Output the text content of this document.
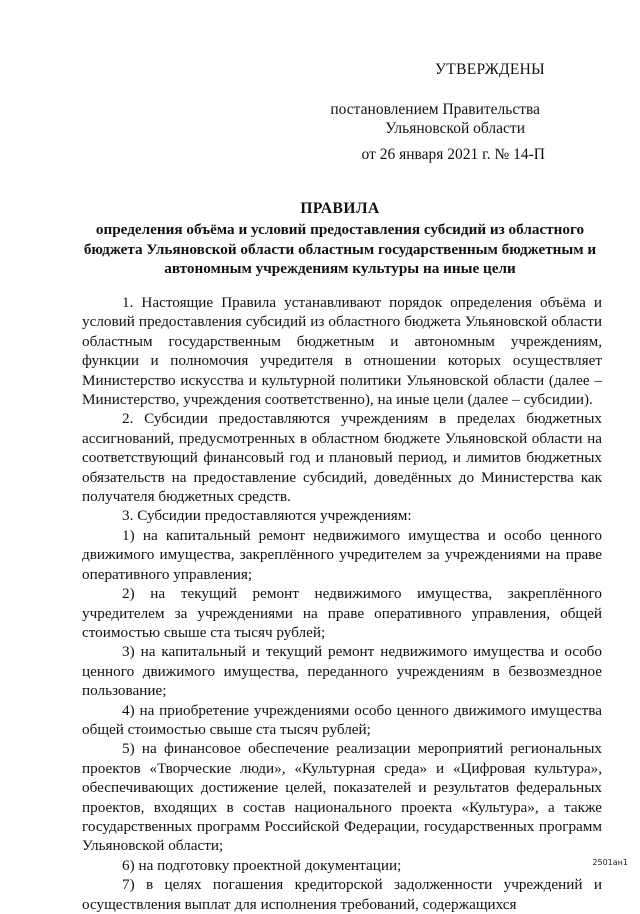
УТВЕРЖДЕНЫ
постановлением Правительства
Ульяновской области
от 26 января 2021 г. № 14-П
ПРАВИЛА
определения объёма и условий предоставления субсидий из областного бюджета Ульяновской области областным государственным бюджетным и автономным учреждениям культуры на иные цели

1. Настоящие Правила устанавливают порядок определения объёма и условий предоставления субсидий из областного бюджета Ульяновской области областным государственным бюджетным и автономным учреждениям, функции и полномочия учредителя в отношении которых осуществляет Министерство искусства и культурной политики Ульяновской области (далее – Министерство, учреждения соответственно), на иные цели (далее – субсидии).

2. Субсидии предоставляются учреждениям в пределах бюджетных ассигнований, предусмотренных в областном бюджете Ульяновской области на соответствующий финансовый год и плановый период, и лимитов бюджетных обязательств на предоставление субсидий, доведённых до Министерства как получателя бюджетных средств.

3. Субсидии предоставляются учреждениям:

1) на капитальный ремонт недвижимого имущества и особо ценного движимого имущества, закреплённого учредителем за учреждениями на праве оперативного управления;

2) на текущий ремонт недвижимого имущества, закреплённого учредителем за учреждениями на праве оперативного управления, общей стоимостью свыше ста тысяч рублей;

3) на капитальный и текущий ремонт недвижимого имущества и особо ценного движимого имущества, переданного учреждениям в безвозмездное пользование;

4) на приобретение учреждениями особо ценного движимого имущества общей стоимостью свыше ста тысяч рублей;

5) на финансовое обеспечение реализации мероприятий региональных проектов «Творческие люди», «Культурная среда» и «Цифровая культура», обеспечивающих достижение целей, показателей и результатов федеральных проектов, входящих в состав национального проекта «Культура», а также государственных программ Российской Федерации, государственных программ Ульяновской области;

6) на подготовку проектной документации;

7) в целях погашения кредиторской задолженности учреждений и осуществления выплат для исполнения требований, содержащихся

2501ан1
